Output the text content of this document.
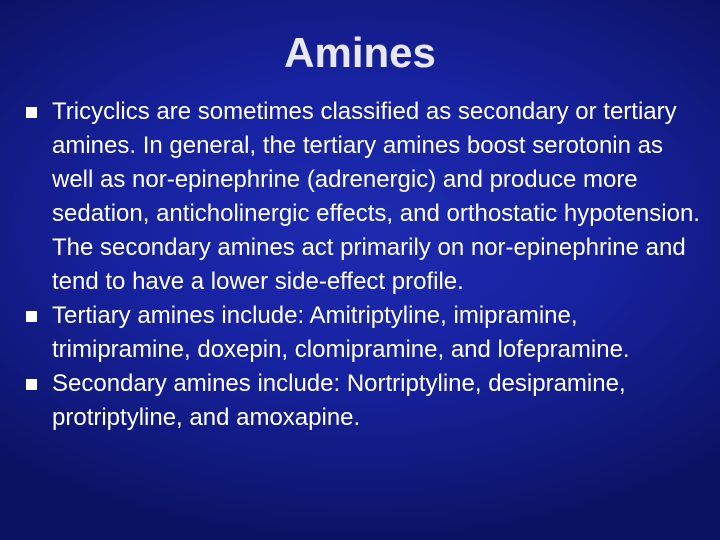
Amines
Tricyclics are sometimes classified as secondary or tertiary amines. In general, the tertiary amines boost serotonin as well as nor-epinephrine (adrenergic) and produce more sedation, anticholinergic effects, and orthostatic hypotension. The secondary amines act primarily on nor-epinephrine and tend to have a lower side-effect profile.
Tertiary amines include: Amitriptyline, imipramine, trimipramine, doxepin, clomipramine, and lofepramine.
Secondary amines include: Nortriptyline, desipramine, protriptyline, and amoxapine.
